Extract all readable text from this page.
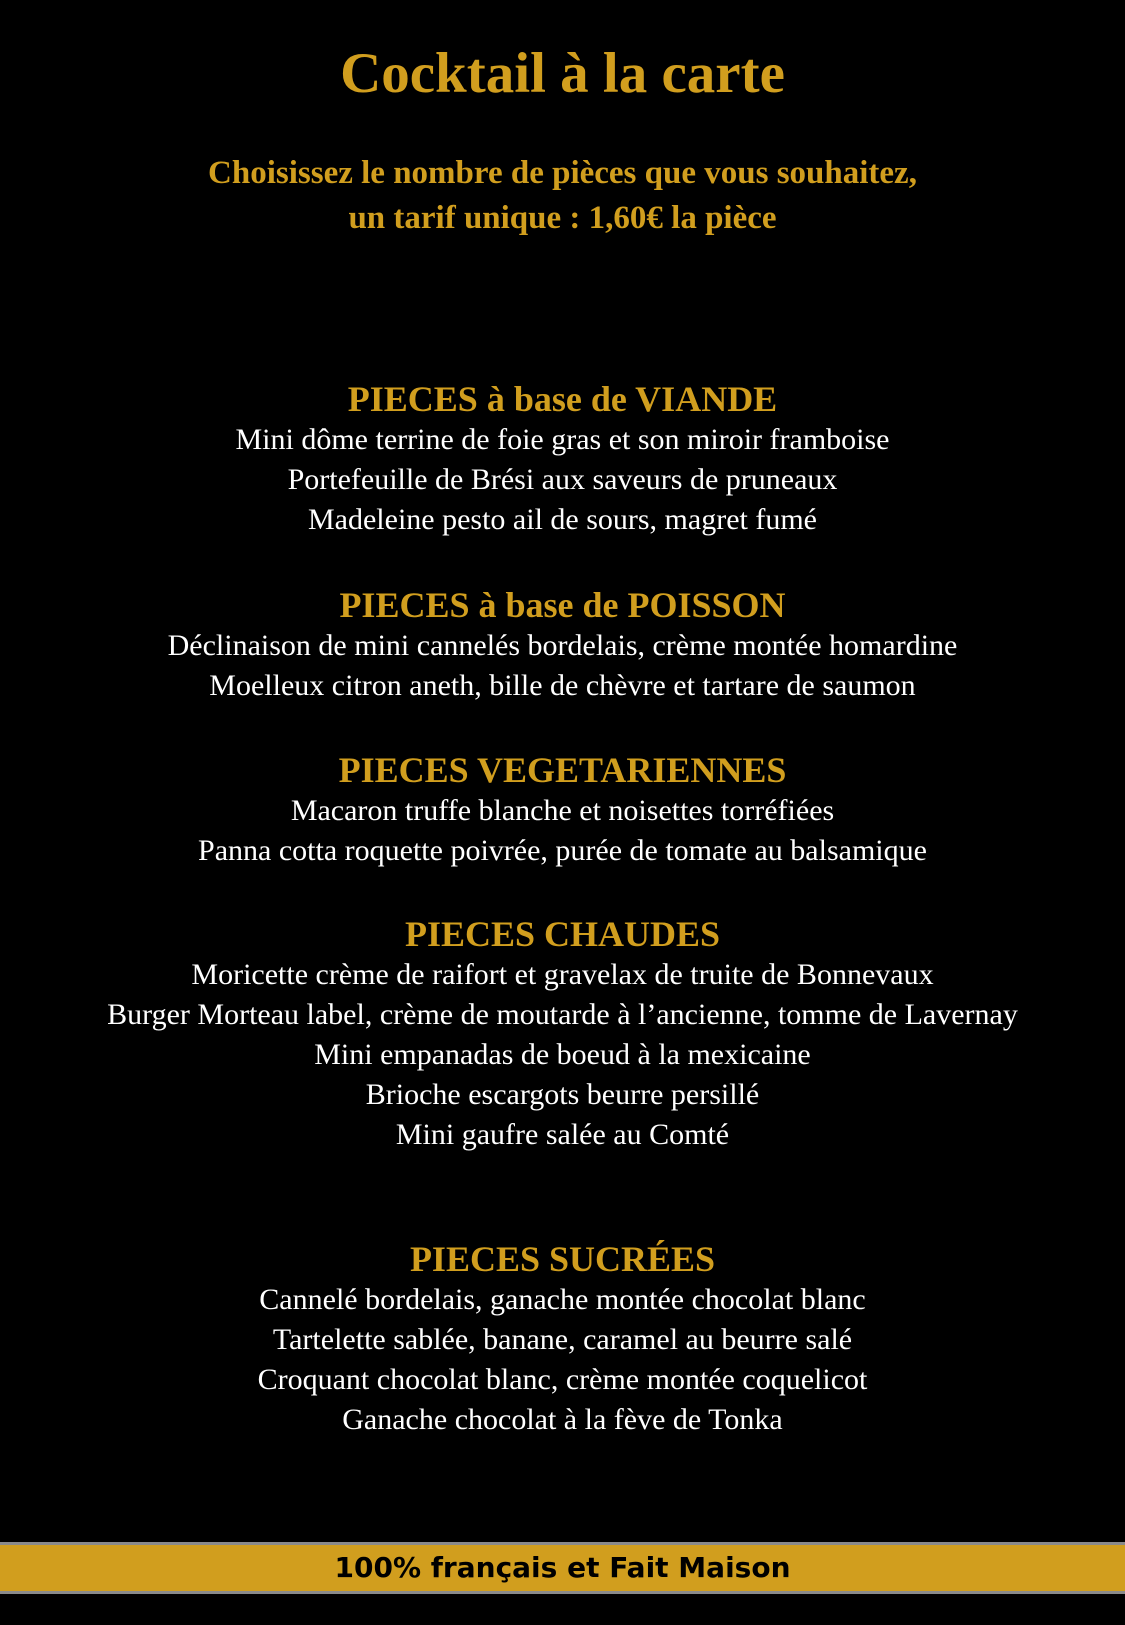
Cocktail à la carte
Choisissez le nombre de pièces que vous souhaitez,
un tarif unique : 1,60€ la pièce
PIECES à base de VIANDE
Mini dôme terrine de foie gras et son miroir framboise
Portefeuille de Brési aux saveurs de pruneaux
Madeleine pesto ail de sours, magret fumé
PIECES à base de POISSON
Déclinaison de mini cannelés bordelais, crème montée homardine
Moelleux citron aneth, bille de chèvre et tartare de saumon
PIECES VEGETARIENNES
Macaron truffe blanche et noisettes torréfiées
Panna cotta roquette poivrée, purée de tomate au balsamique
PIECES CHAUDES
Moricette crème de raifort et gravelax de truite de Bonnevaux
Burger Morteau label, crème de moutarde à l’ancienne, tomme de Lavernay
Mini empanadas de boeud à la mexicaine
Brioche escargots beurre persillé
Mini gaufre salée au Comté
PIECES SUCRÉES
Cannelé bordelais, ganache montée chocolat blanc
Tartelette sablée, banane, caramel au beurre salé
Croquant chocolat blanc, crème montée coquelicot
Ganache chocolat à la fève de Tonka
100% français et Fait Maison
